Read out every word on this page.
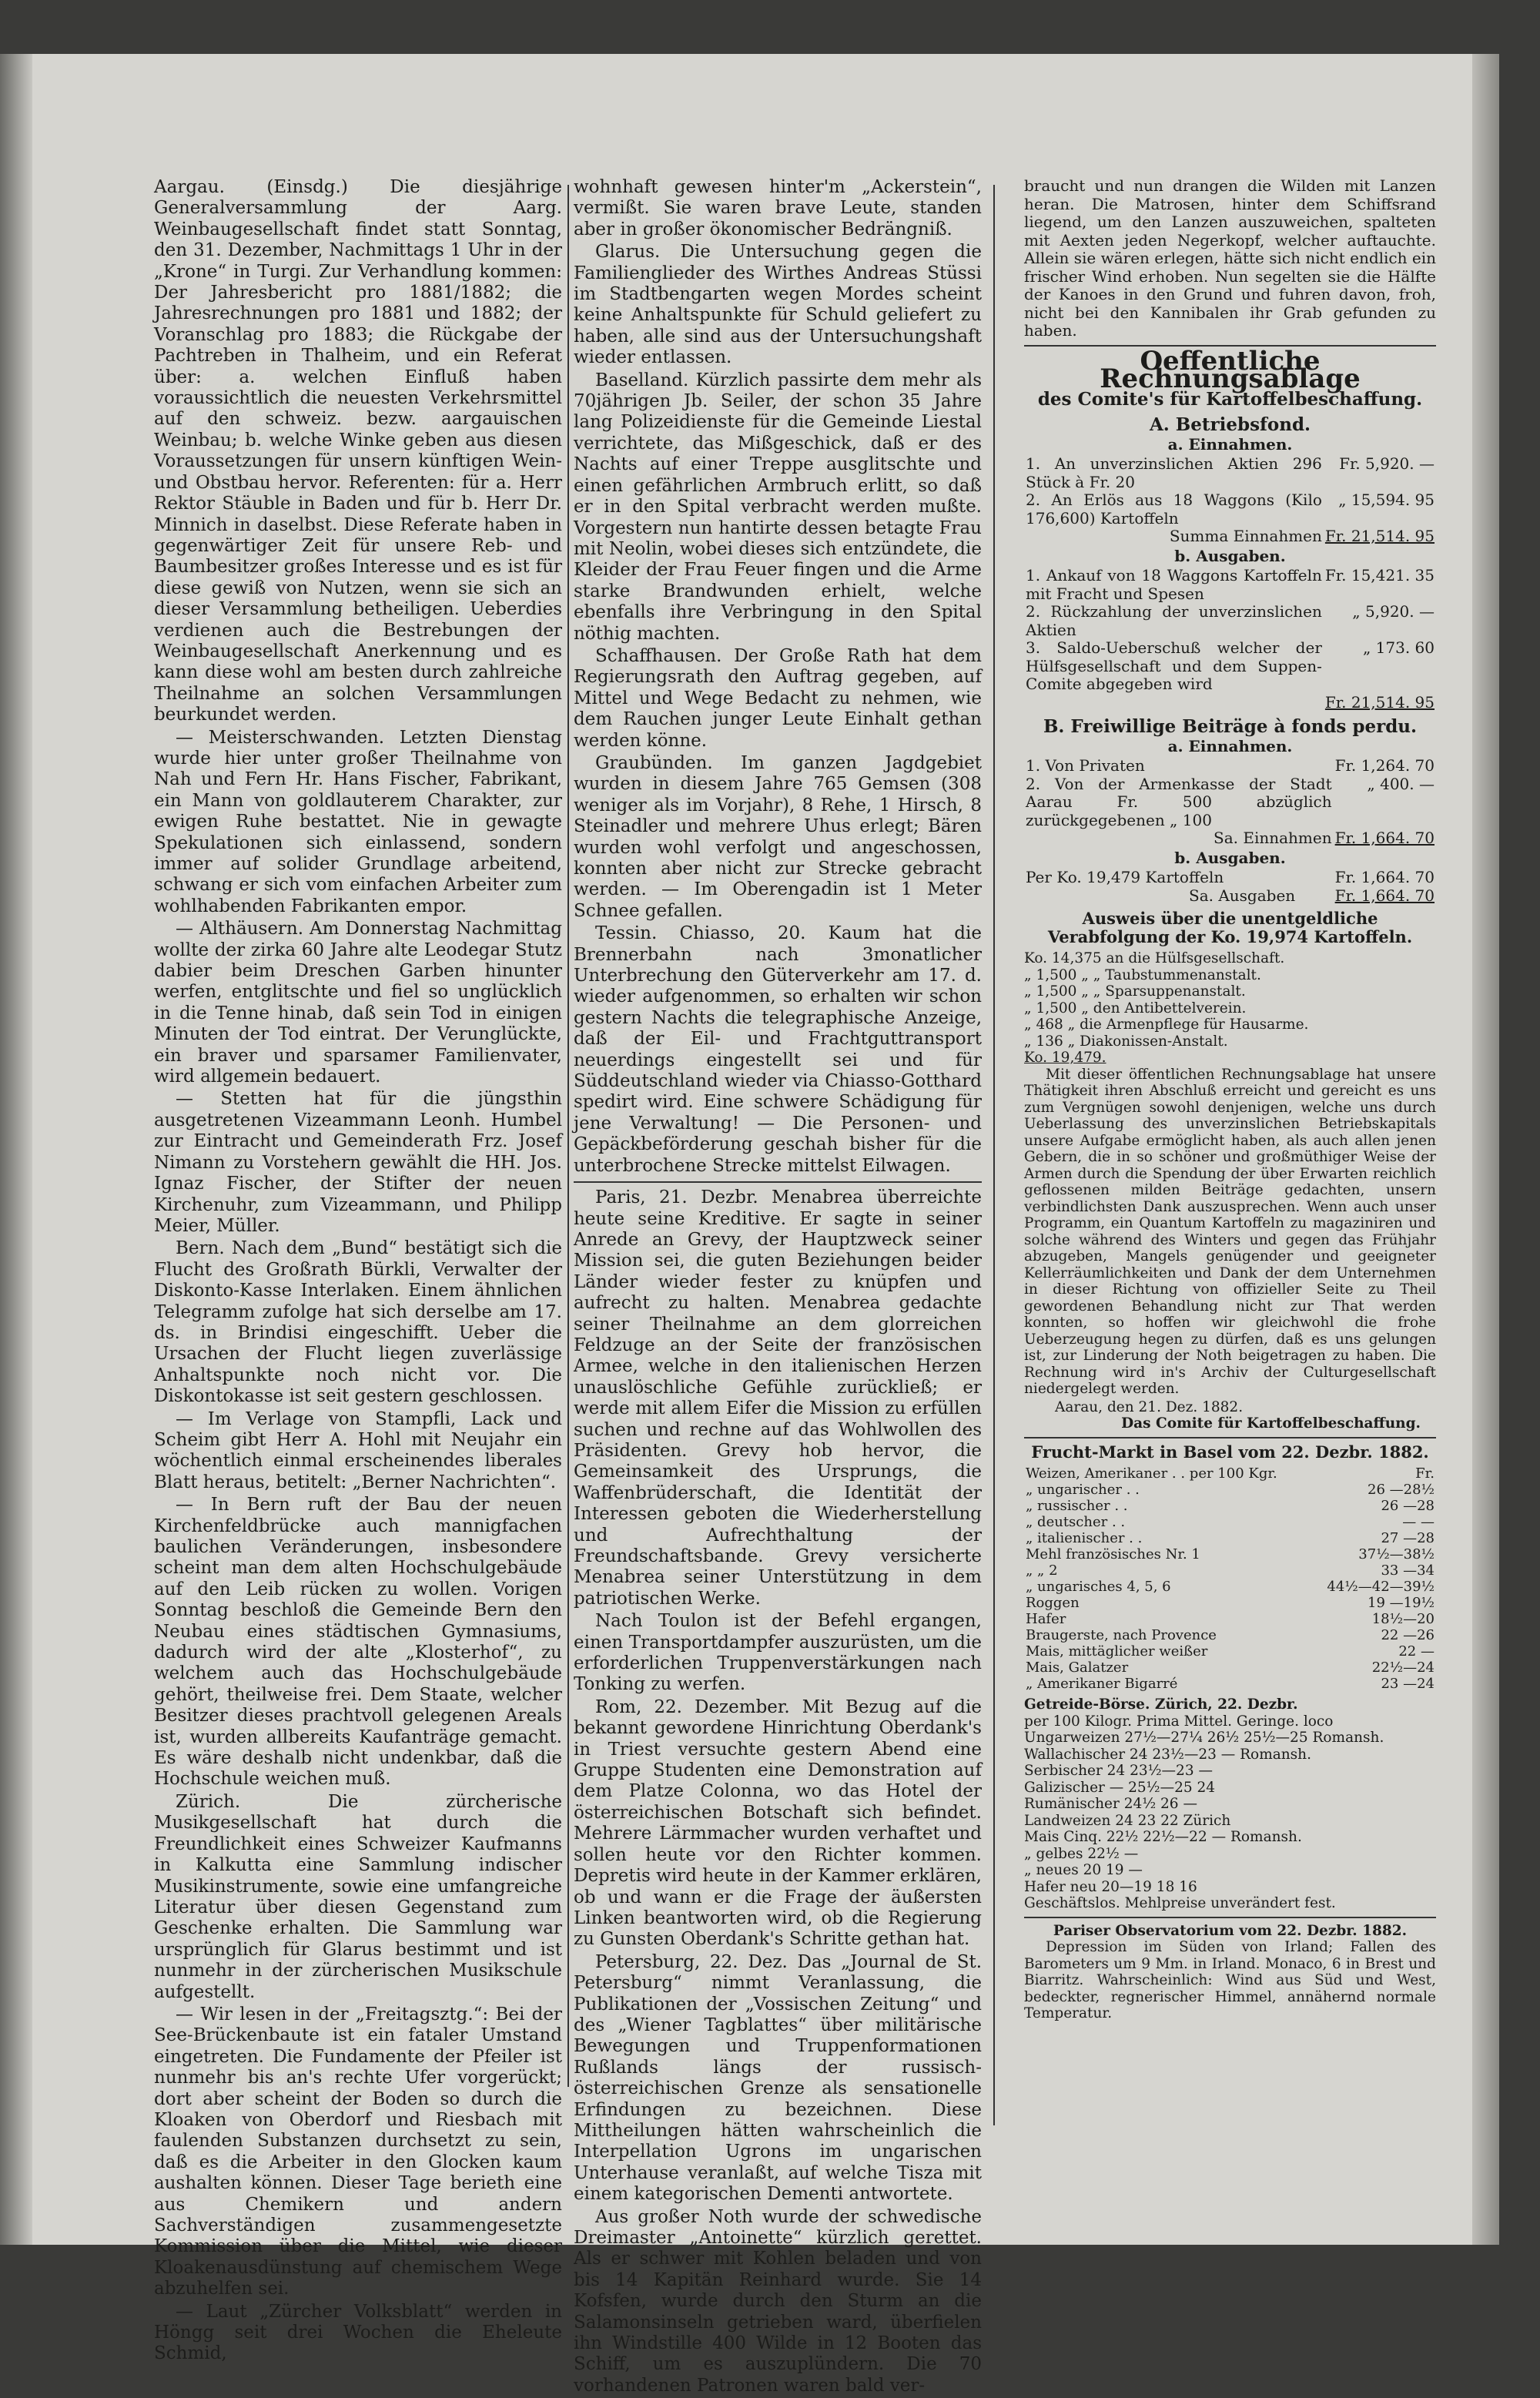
Aargau. (Einsdg.) Die diesjährige Generalversammlung der Aarg. Weinbaugesellschaft findet statt Sonntag, den 31. Dezember, Nachmittags 1 Uhr in der „Krone“ in Turgi. Zur Verhandlung kommen: Der Jahresbericht pro 1881/1882; die Jahresrechnungen pro 1881 und 1882; der Voranschlag pro 1883; die Rückgabe der Pachtreben in Thalheim, und ein Referat über: a. welchen Einfluß haben voraussichtlich die neuesten Verkehrsmittel auf den schweiz. bezw. aargauischen Weinbau; b. welche Winke geben aus diesen Voraussetzungen für unsern künftigen Wein- und Obstbau hervor. Referenten: für a. Herr Rektor Stäuble in Baden und für b. Herr Dr. Minnich in daselbst. Diese Referate haben in gegenwärtiger Zeit für unsere Reb- und Baumbesitzer großes Interesse und es ist für diese gewiß von Nutzen, wenn sie sich an dieser Versammlung betheiligen. Ueberdies verdienen auch die Bestrebungen der Weinbaugesellschaft Anerkennung und es kann diese wohl am besten durch zahlreiche Theilnahme an solchen Versammlungen beurkundet werden.

— Meisterschwanden. Letzten Dienstag wurde hier unter großer Theilnahme von Nah und Fern Hr. Hans Fischer, Fabrikant, ein Mann von goldlauterem Charakter, zur ewigen Ruhe bestattet. Nie in gewagte Spekulationen sich einlassend, sondern immer auf solider Grundlage arbeitend, schwang er sich vom einfachen Arbeiter zum wohlhabenden Fabrikanten empor.

— Althäusern. Am Donnerstag Nachmittag wollte der zirka 60 Jahre alte Leodegar Stutz dabier beim Dreschen Garben hinunter werfen, entglitschte und fiel so unglücklich in die Tenne hinab, daß sein Tod in einigen Minuten der Tod eintrat. Der Verunglückte, ein braver und sparsamer Familienvater, wird allgemein bedauert.

— Stetten hat für die jüngsthin ausgetretenen Vizeammann Leonh. Humbel zur Eintracht und Gemeinderath Frz. Josef Nimann zu Vorstehern gewählt die HH. Jos. Ignaz Fischer, der Stifter der neuen Kirchenuhr, zum Vizeammann, und Philipp Meier, Müller.

Bern. Nach dem „Bund“ bestätigt sich die Flucht des Großrath Bürkli, Verwalter der Diskonto-Kasse Interlaken. Einem ähnlichen Telegramm zufolge hat sich derselbe am 17. ds. in Brindisi eingeschifft. Ueber die Ursachen der Flucht liegen zuverlässige Anhaltspunkte noch nicht vor. Die Diskontokasse ist seit gestern geschlossen.

— Im Verlage von Stampfli, Lack und Scheim gibt Herr A. Hohl mit Neujahr ein wöchentlich einmal erscheinendes liberales Blatt heraus, betitelt: „Berner Nachrichten“.

— In Bern ruft der Bau der neuen Kirchenfeldbrücke auch mannigfachen baulichen Veränderungen, insbesondere scheint man dem alten Hochschulgebäude auf den Leib rücken zu wollen. Vorigen Sonntag beschloß die Gemeinde Bern den Neubau eines städtischen Gymnasiums, dadurch wird der alte „Klosterhof“, zu welchem auch das Hochschulgebäude gehört, theilweise frei. Dem Staate, welcher Besitzer dieses prachtvoll gelegenen Areals ist, wurden allbereits Kaufanträge gemacht. Es wäre deshalb nicht undenkbar, daß die Hochschule weichen muß.

Zürich. Die zürcherische Musikgesellschaft hat durch die Freundlichkeit eines Schweizer Kaufmanns in Kalkutta eine Sammlung indischer Musikinstrumente, sowie eine umfangreiche Literatur über diesen Gegenstand zum Geschenke erhalten. Die Sammlung war ursprünglich für Glarus bestimmt und ist nunmehr in der zürcherischen Musikschule aufgestellt.

— Wir lesen in der „Freitagsztg.“: Bei der See-Brückenbaute ist ein fataler Umstand eingetreten. Die Fundamente der Pfeiler ist nunmehr bis an's rechte Ufer vorgerückt; dort aber scheint der Boden so durch die Kloaken von Oberdorf und Riesbach mit faulenden Substanzen durchsetzt zu sein, daß es die Arbeiter in den Glocken kaum aushalten können. Dieser Tage berieth eine aus Chemikern und andern Sachverständigen zusammengesetzte Kommission über die Mittel, wie dieser Kloakenausdünstung auf chemischem Wege abzuhelfen sei.

— Laut „Zürcher Volksblatt“ werden in Höngg seit drei Wochen die Eheleute Schmid,

wohnhaft gewesen hinter'm „Ackerstein“, vermißt. Sie waren brave Leute, standen aber in großer ökonomischer Bedrängniß.

Glarus. Die Untersuchung gegen die Familienglieder des Wirthes Andreas Stüssi im Stadtbengarten wegen Mordes scheint keine Anhaltspunkte für Schuld geliefert zu haben, alle sind aus der Untersuchungshaft wieder entlassen.

Baselland. Kürzlich passirte dem mehr als 70jährigen Jb. Seiler, der schon 35 Jahre lang Polizeidienste für die Gemeinde Liestal verrichtete, das Mißgeschick, daß er des Nachts auf einer Treppe ausglitschte und einen gefährlichen Armbruch erlitt, so daß er in den Spital verbracht werden mußte. Vorgestern nun hantirte dessen betagte Frau mit Neolin, wobei dieses sich entzündete, die Kleider der Frau Feuer fingen und die Arme starke Brandwunden erhielt, welche ebenfalls ihre Verbringung in den Spital nöthig machten.

Schaffhausen. Der Große Rath hat dem Regierungsrath den Auftrag gegeben, auf Mittel und Wege Bedacht zu nehmen, wie dem Rauchen junger Leute Einhalt gethan werden könne.

Graubünden. Im ganzen Jagdgebiet wurden in diesem Jahre 765 Gemsen (308 weniger als im Vorjahr), 8 Rehe, 1 Hirsch, 8 Steinadler und mehrere Uhus erlegt; Bären wurden wohl verfolgt und angeschossen, konnten aber nicht zur Strecke gebracht werden. — Im Oberengadin ist 1 Meter Schnee gefallen.

Tessin. Chiasso, 20. Kaum hat die Brennerbahn nach 3monatlicher Unterbrechung den Güterverkehr am 17. d. wieder aufgenommen, so erhalten wir schon gestern Nachts die telegraphische Anzeige, daß der Eil- und Frachtguttransport neuerdings eingestellt sei und für Süddeutschland wieder via Chiasso-Gotthard spedirt wird. Eine schwere Schädigung für jene Verwaltung! — Die Personen- und Gepäckbeförderung geschah bisher für die unterbrochene Strecke mittelst Eilwagen.

Paris, 21. Dezbr. Menabrea überreichte heute seine Kreditive. Er sagte in seiner Anrede an Grevy, der Hauptzweck seiner Mission sei, die guten Beziehungen beider Länder wieder fester zu knüpfen und aufrecht zu halten. Menabrea gedachte seiner Theilnahme an dem glorreichen Feldzuge an der Seite der französischen Armee, welche in den italienischen Herzen unauslöschliche Gefühle zurückließ; er werde mit allem Eifer die Mission zu erfüllen suchen und rechne auf das Wohlwollen des Präsidenten. Grevy hob hervor, die Gemeinsamkeit des Ursprungs, die Waffenbrüderschaft, die Identität der Interessen geboten die Wiederherstellung und Aufrechthaltung der Freundschaftsbande. Grevy versicherte Menabrea seiner Unterstützung in dem patriotischen Werke.

Nach Toulon ist der Befehl ergangen, einen Transportdampfer auszurüsten, um die erforderlichen Truppenverstärkungen nach Tonking zu werfen.

Rom, 22. Dezember. Mit Bezug auf die bekannt gewordene Hinrichtung Oberdank's in Triest versuchte gestern Abend eine Gruppe Studenten eine Demonstration auf dem Platze Colonna, wo das Hotel der österreichischen Botschaft sich befindet. Mehrere Lärmmacher wurden verhaftet und sollen heute vor den Richter kommen. Depretis wird heute in der Kammer erklären, ob und wann er die Frage der äußersten Linken beantworten wird, ob die Regierung zu Gunsten Oberdank's Schritte gethan hat.

Petersburg, 22. Dez. Das „Journal de St. Petersburg“ nimmt Veranlassung, die Publikationen der „Vossischen Zeitung“ und des „Wiener Tagblattes“ über militärische Bewegungen und Truppenformationen Rußlands längs der russisch-österreichischen Grenze als sensationelle Erfindungen zu bezeichnen. Diese Mittheilungen hätten wahrscheinlich die Interpellation Ugrons im ungarischen Unterhause veranlaßt, auf welche Tisza mit einem kategorischen Dementi antwortete.

Aus großer Noth wurde der schwedische Dreimaster „Antoinette“ kürzlich gerettet. Als er schwer mit Kohlen beladen und von bis 14 Kapitän Reinhard wurde. Sie 14 Kofsfen, wurde durch den Sturm an die Salamonsinseln getrieben ward, überfielen ihn Windstille 400 Wilde in 12 Booten das Schiff, um es auszuplündern. Die 70 vorhandenen Patronen waren bald ver-

braucht und nun drangen die Wilden mit Lanzen heran. Die Matrosen, hinter dem Schiffsrand liegend, um den Lanzen auszuweichen, spalteten mit Aexten jeden Negerkopf, welcher auftauchte. Allein sie wären erlegen, hätte sich nicht endlich ein frischer Wind erhoben. Nun segelten sie die Hälfte der Kanoes in den Grund und fuhren davon, froh, nicht bei den Kannibalen ihr Grab gefunden zu haben.

Oeffentliche Rechnungsablage
des Comite's für Kartoffelbeschaffung.
A. Betriebsfond.
a. Einnahmen.
1. An unverzinslichen Aktien 296 Stück à Fr. 20	Fr. 5,920. —
2. An Erlös aus 18 Waggons (Kilo 176,600) Kartoffeln	„ 15,594. 95
Summa Einnahmen	Fr. 21,514. 95
b. Ausgaben.
1. Ankauf von 18 Waggons Kartoffeln mit Fracht und Spesen	Fr. 15,421. 35
2. Rückzahlung der unverzinslichen Aktien	„ 5,920. —
3. Saldo-Ueberschuß welcher der Hülfsgesellschaft und dem Suppen-Comite abgegeben wird	„ 173. 60
	Fr. 21,514. 95
B. Freiwillige Beiträge à fonds perdu.
a. Einnahmen.
1. Von Privaten	Fr. 1,264. 70
2. Von der Armenkasse der Stadt Aarau Fr. 500 abzüglich zurückgegebenen „ 100	„ 400. —
Sa. Einnahmen	Fr. 1,664. 70
b. Ausgaben.
Per Ko. 19,479 Kartoffeln	Fr. 1,664. 70
Sa. Ausgaben	Fr. 1,664. 70
Ausweis über die unentgeldliche Verabfolgung der Ko. 19,974 Kartoffeln.
Ko. 14,375 an die Hülfsgesellschaft.
„ 1,500 „ „ Taubstummenanstalt.
„ 1,500 „ „ Sparsuppenanstalt.
„ 1,500 „ den Antibettelverein.
„ 468 „ die Armenpflege für Hausarme.
„ 136 „ Diakonissen-Anstalt.
Ko. 19,479.

Mit dieser öffentlichen Rechnungsablage hat unsere Thätigkeit ihren Abschluß erreicht und gereicht es uns zum Vergnügen sowohl denjenigen, welche uns durch Ueberlassung des unverzinslichen Betriebskapitals unsere Aufgabe ermöglicht haben, als auch allen jenen Gebern, die in so schöner und großmüthiger Weise der Armen durch die Spendung der über Erwarten reichlich geflossenen milden Beiträge gedachten, unsern verbindlichsten Dank auszusprechen. Wenn auch unser Programm, ein Quantum Kartoffeln zu magaziniren und solche während des Winters und gegen das Frühjahr abzugeben, Mangels genügender und geeigneter Kellerräumlichkeiten und Dank der dem Unternehmen in dieser Richtung von offizieller Seite zu Theil gewordenen Behandlung nicht zur That werden konnten, so hoffen wir gleichwohl die frohe Ueberzeugung hegen zu dürfen, daß es uns gelungen ist, zur Linderung der Noth beigetragen zu haben. Die Rechnung wird in's Archiv der Culturgesellschaft niedergelegt werden.

Aarau, den 21. Dez. 1882.
Das Comite für Kartoffelbeschaffung.
Frucht-Markt in Basel vom 22. Dezbr. 1882.
Weizen, Amerikaner . . per 100 Kgr.	Fr.
„ ungarischer . .	26 —28½
„ russischer . .	26 —28
„ deutscher . .	— —
„ italienischer . .	27 —28
Mehl französisches Nr. 1	37½—38½
„ „ 2	33 —34
„ ungarisches 4, 5, 6	44½—42—39½
Roggen	19 —19½
Hafer	18½—20
Braugerste, nach Provence	22 —26
Mais, mittäglicher weißer	22 —
Mais, Galatzer	22½—24
„ Amerikaner Bigarré	23 —24
Getreide-Börse. Zürich, 22. Dezbr.
per 100 Kilogr. Prima Mittel. Geringe. loco
Ungarweizen 27½—27¼ 26½ 25½—25 Romansh.
Wallachischer 24 23½—23 — Romansh.
Serbischer 24 23½—23 —
Galizischer — 25½—25 24
Rumänischer 24½ 26 —
Landweizen 24 23 22 Zürich
Mais Cinq. 22½ 22½—22 — Romansh.
„ gelbes 22½ —
„ neues 20 19 —
Hafer neu 20—19 18 16
Geschäftslos. Mehlpreise unverändert fest.
Pariser Observatorium vom 22. Dezbr. 1882.

Depression im Süden von Irland; Fallen des Barometers um 9 Mm. in Irland. Monaco, 6 in Brest und Biarritz. Wahrscheinlich: Wind aus Süd und West, bedeckter, regnerischer Himmel, annähernd normale Temperatur.
